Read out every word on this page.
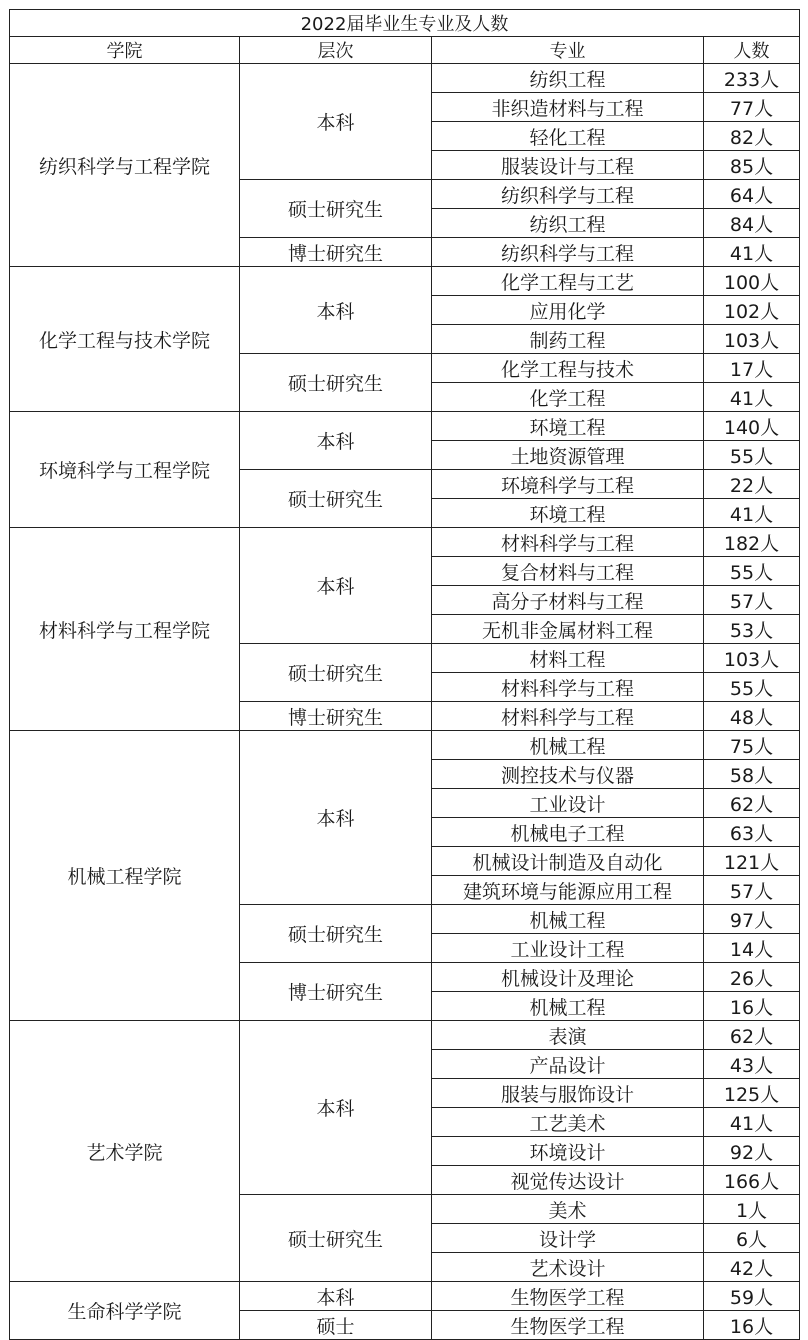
2022届毕业生专业及人数			
学院	层次	专业	人数
纺织科学与工程学院	本科	纺织工程	233人
		非织造材料与工程	77人
		轻化工程	82人
		服装设计与工程	85人
	硕士研究生	纺织科学与工程	64人
		纺织工程	84人
	博士研究生	纺织科学与工程	41人
化学工程与技术学院	本科	化学工程与工艺	100人
		应用化学	102人
		制药工程	103人
	硕士研究生	化学工程与技术	17人
		化学工程	41人
环境科学与工程学院	本科	环境工程	140人
		土地资源管理	55人
	硕士研究生	环境科学与工程	22人
		环境工程	41人
材料科学与工程学院	本科	材料科学与工程	182人
		复合材料与工程	55人
		高分子材料与工程	57人
		无机非金属材料工程	53人
	硕士研究生	材料工程	103人
		材料科学与工程	55人
	博士研究生	材料科学与工程	48人
机械工程学院	本科	机械工程	75人
		测控技术与仪器	58人
		工业设计	62人
		机械电子工程	63人
		机械设计制造及自动化	121人
		建筑环境与能源应用工程	57人
	硕士研究生	机械工程	97人
		工业设计工程	14人
	博士研究生	机械设计及理论	26人
		机械工程	16人
艺术学院	本科	表演	62人
		产品设计	43人
		服装与服饰设计	125人
		工艺美术	41人
		环境设计	92人
		视觉传达设计	166人
	硕士研究生	美术	1人
		设计学	6人
		艺术设计	42人
生命科学学院	本科	生物医学工程	59人
	硕士	生物医学工程	16人
